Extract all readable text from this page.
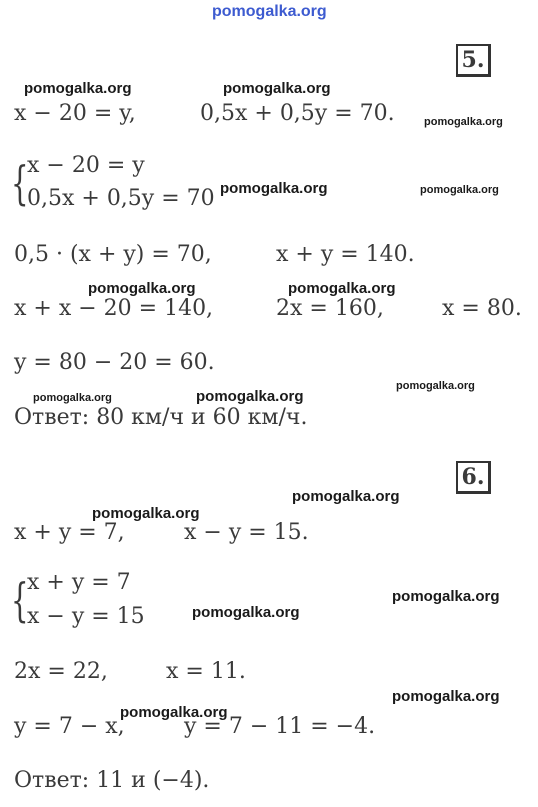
pomogalka.org
5.
pomogalka.org	pomogalka.org
x − 20 = y,	0,5x + 0,5y = 70.	pomogalka.org
{
x − 20 = y
0,5x + 0,5y = 70 pomogalka.org	pomogalka.org
0,5 · (x + y) = 70,	x + y = 140.
pomogalka.org	pomogalka.org
x + x − 20 = 140,	2x = 160,	x = 80.
y = 80 − 20 = 60.
pomogalka.org	pomogalka.org
pomogalka.org
Ответ: 80 км/ч и 60 км/ч.
6.
pomogalka.org
pomogalka.org
x + y = 7,	x − y = 15.
{
x + y = 7
x − y = 15	pomogalka.org
pomogalka.org
2x = 22,	x = 11.
pomogalka.org
y = 7 − x,	y = 7 − 11 = −4.
pomogalka.org
Ответ: 11 и (−4).
